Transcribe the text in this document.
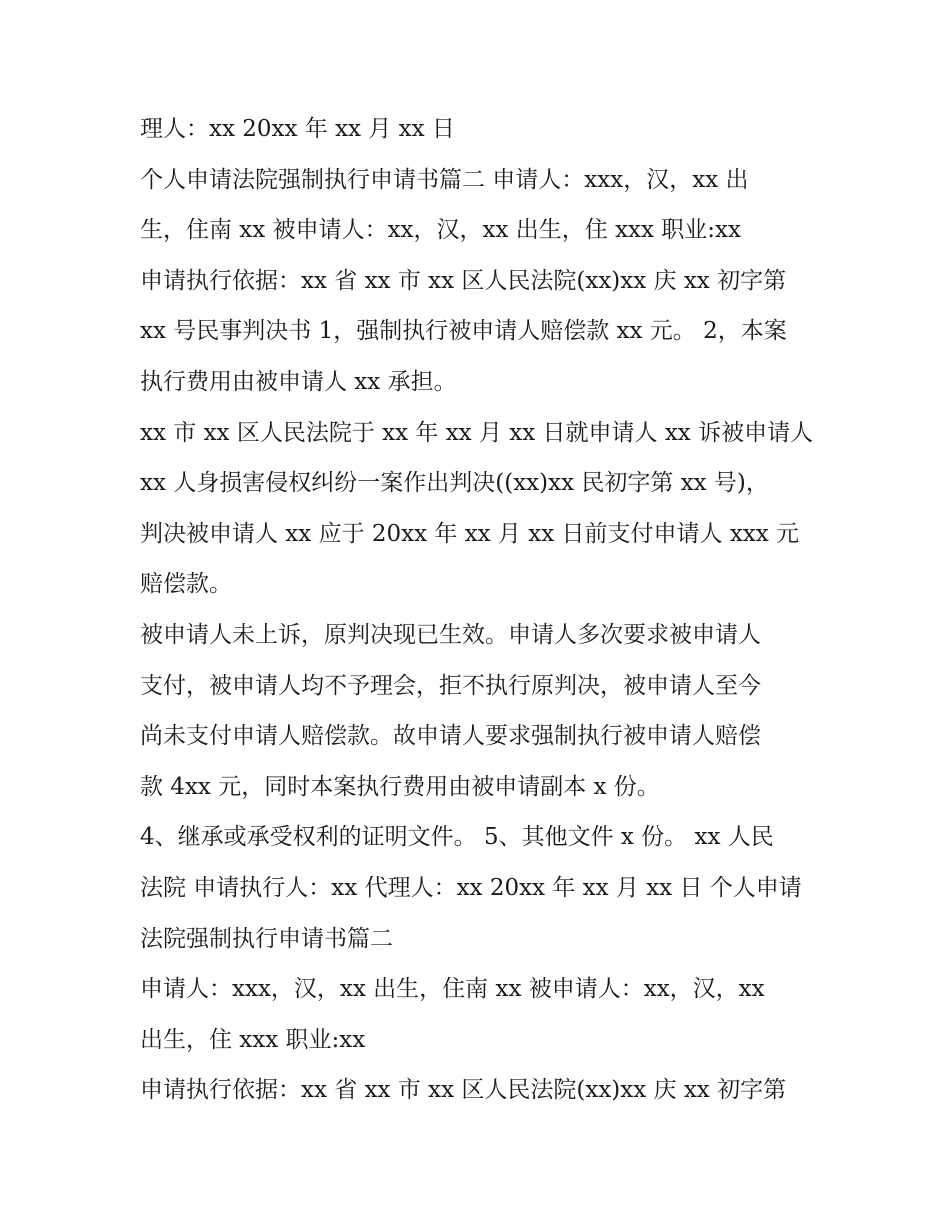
理人：xx 20xx 年 xx 月 xx 日
个人申请法院强制执行申请书篇二 申请人：xxx，汉，xx 出
生，住南 xx 被申请人：xx，汉，xx 出生，住 xxx 职业:xx
申请执行依据：xx 省 xx 市 xx 区人民法院(xx)xx 庆 xx 初字第
xx 号民事判决书 1，强制执行被申请人赔偿款 xx 元。 2，本案
执行费用由被申请人 xx 承担。
xx 市 xx 区人民法院于 xx 年 xx 月 xx 日就申请人 xx 诉被申请人
xx 人身损害侵权纠纷一案作出判决((xx)xx 民初字第 xx 号)，
判决被申请人 xx 应于 20xx 年 xx 月 xx 日前支付申请人 xxx 元
赔偿款。
被申请人未上诉，原判决现已生效。申请人多次要求被申请人
支付，被申请人均不予理会，拒不执行原判决，被申请人至今
尚未支付申请人赔偿款。故申请人要求强制执行被申请人赔偿
款 4xx 元，同时本案执行费用由被申请副本 x 份。
4、继承或承受权利的证明文件。 5、其他文件 x 份。 xx 人民
法院 申请执行人：xx 代理人：xx 20xx 年 xx 月 xx 日 个人申请
法院强制执行申请书篇二
申请人：xxx，汉，xx 出生，住南 xx 被申请人：xx，汉，xx
出生，住 xxx 职业:xx
申请执行依据：xx 省 xx 市 xx 区人民法院(xx)xx 庆 xx 初字第
